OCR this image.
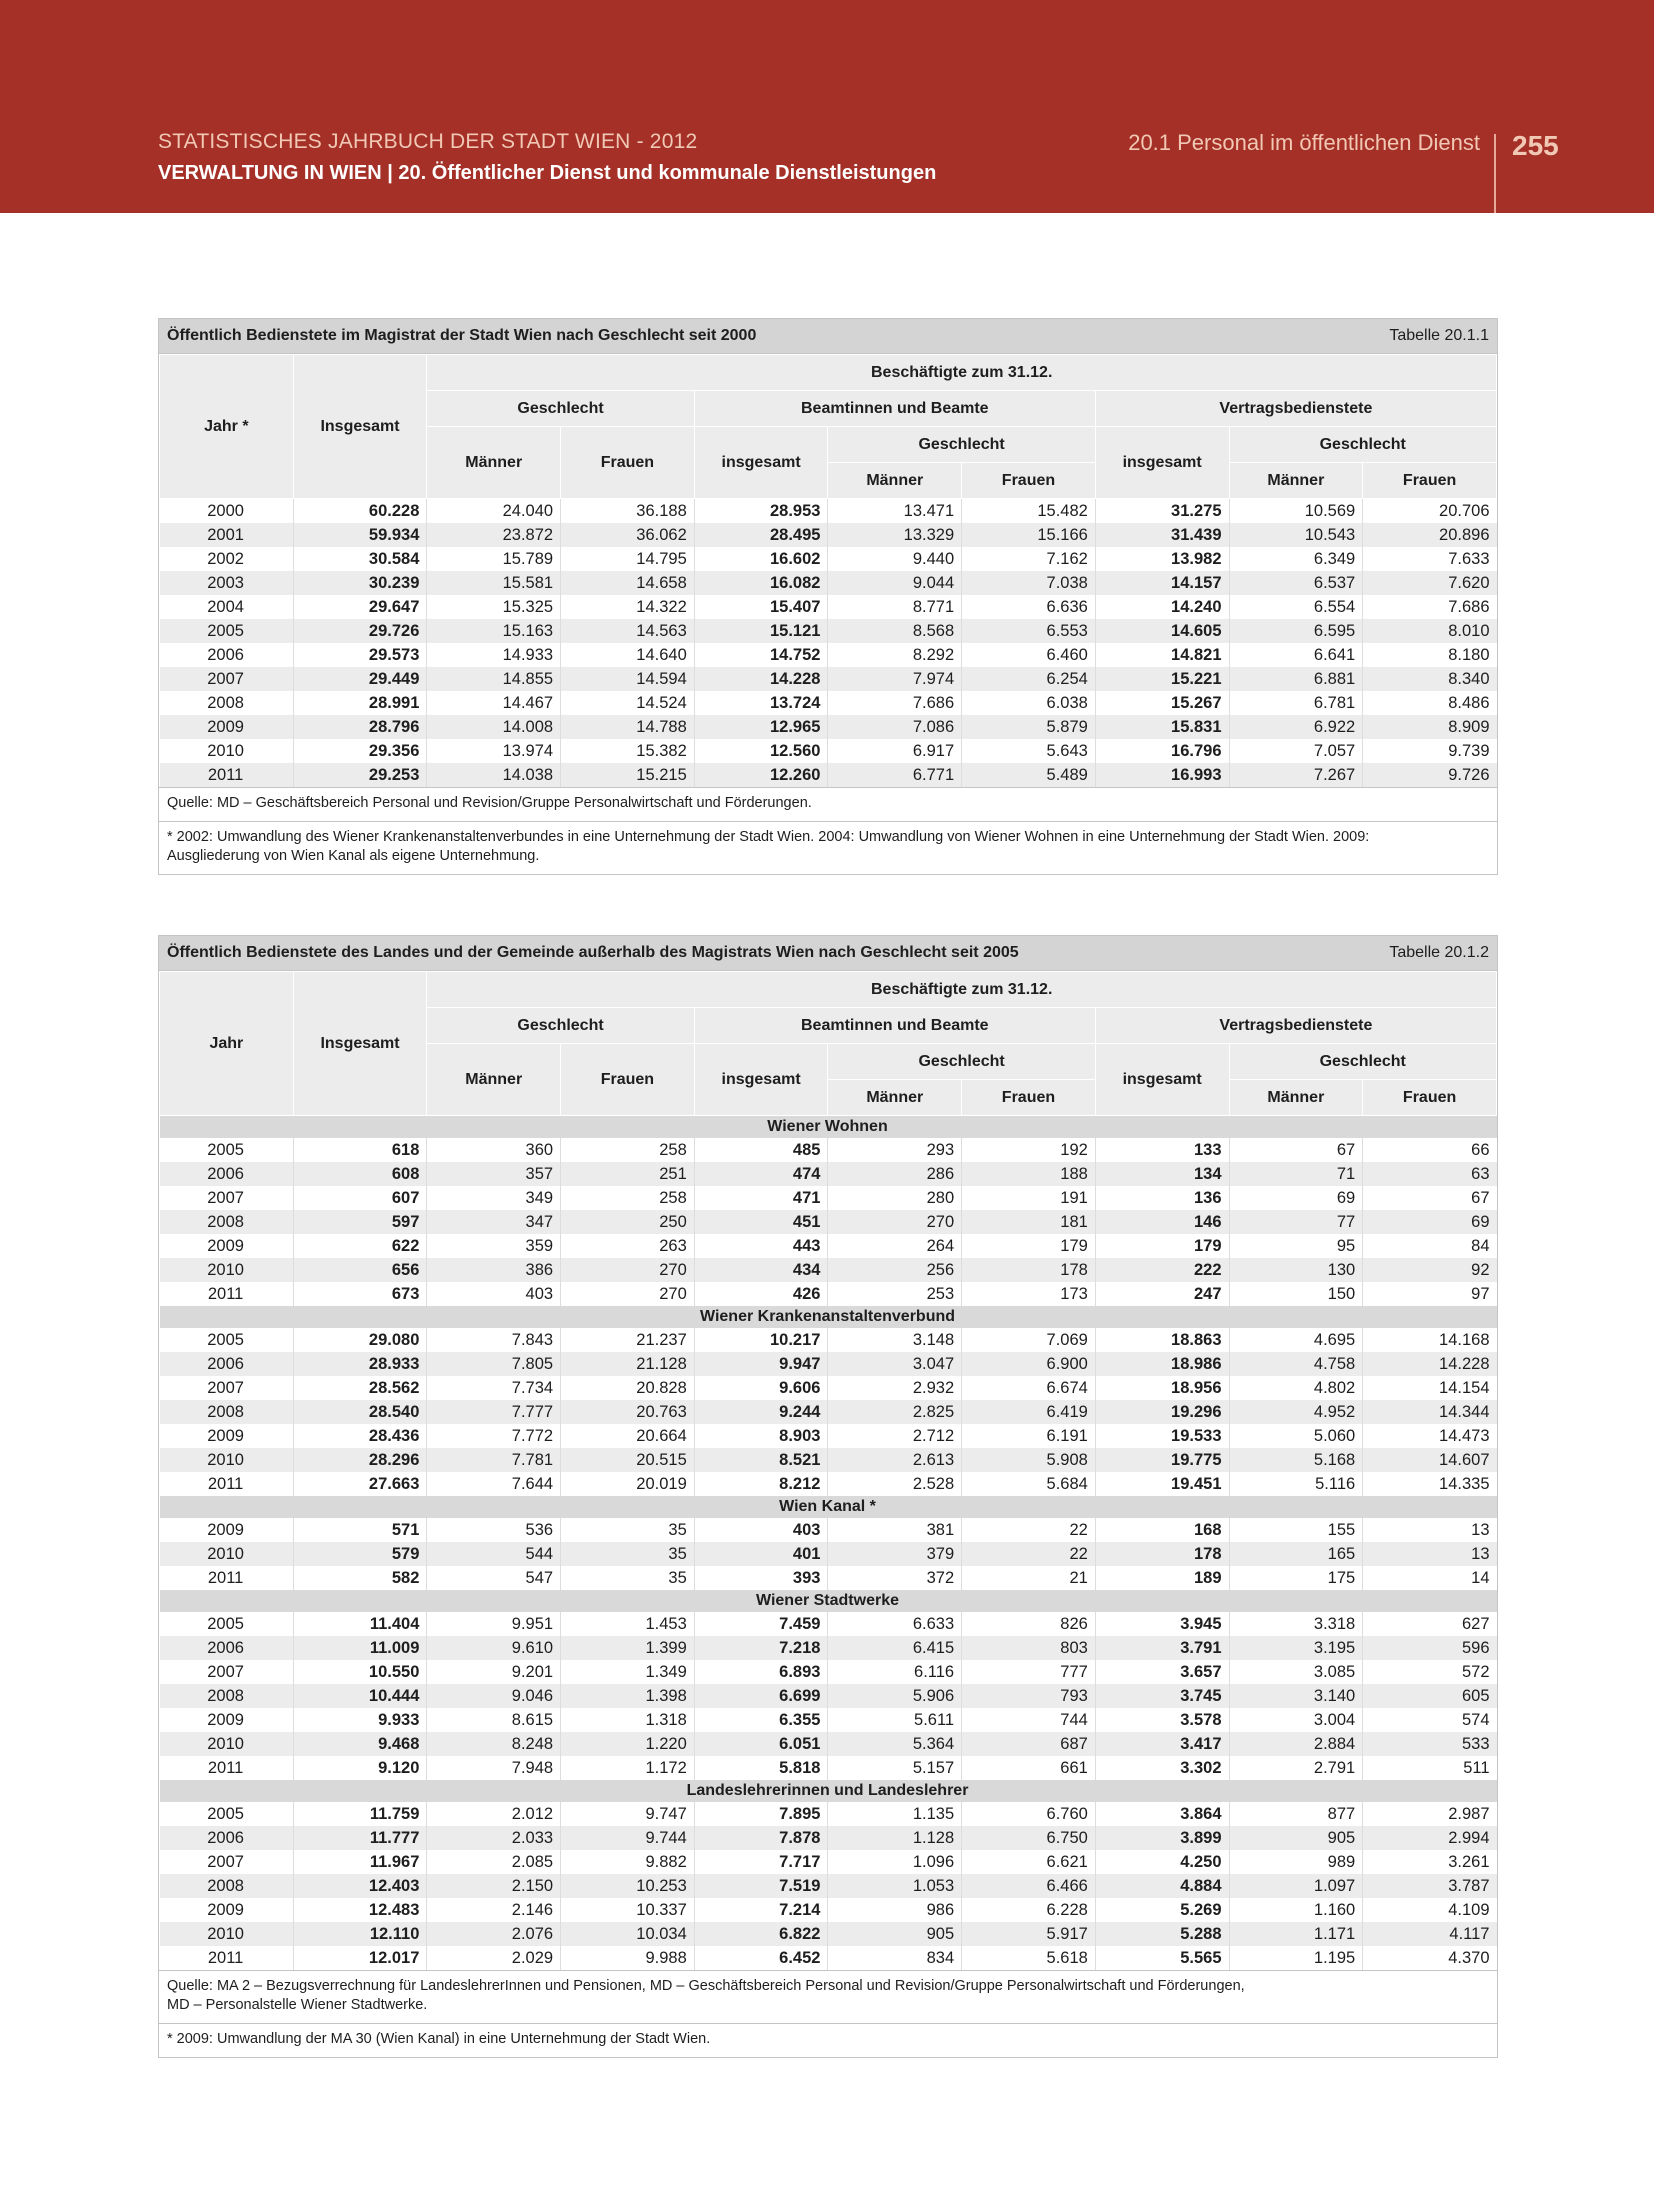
STATISTISCHES JAHRBUCH DER STADT WIEN - 2012
VERWALTUNG IN WIEN | 20. Öffentlicher Dienst und kommunale Dienstleistungen
20.1 Personal im öffentlichen Dienst 255
Öffentlich Bedienstete im Magistrat der Stadt Wien nach Geschlecht seit 2000	Tabelle 20.1.1
Jahr *	Insgesamt	Beschäftigte zum 31.12.							
		Geschlecht		Beamtinnen und Beamte			Vertragsbedienstete		
		Männer	Frauen	insgesamt	Geschlecht		insgesamt	Geschlecht	
					Männer	Frauen		Männer	Frauen
2000	60.228	24.040	36.188	28.953	13.471	15.482	31.275	10.569	20.706
2001	59.934	23.872	36.062	28.495	13.329	15.166	31.439	10.543	20.896
2002	30.584	15.789	14.795	16.602	9.440	7.162	13.982	6.349	7.633
2003	30.239	15.581	14.658	16.082	9.044	7.038	14.157	6.537	7.620
2004	29.647	15.325	14.322	15.407	8.771	6.636	14.240	6.554	7.686
2005	29.726	15.163	14.563	15.121	8.568	6.553	14.605	6.595	8.010
2006	29.573	14.933	14.640	14.752	8.292	6.460	14.821	6.641	8.180
2007	29.449	14.855	14.594	14.228	7.974	6.254	15.221	6.881	8.340
2008	28.991	14.467	14.524	13.724	7.686	6.038	15.267	6.781	8.486
2009	28.796	14.008	14.788	12.965	7.086	5.879	15.831	6.922	8.909
2010	29.356	13.974	15.382	12.560	6.917	5.643	16.796	7.057	9.739
2011	29.253	14.038	15.215	12.260	6.771	5.489	16.993	7.267	9.726
Quelle: MD – Geschäftsbereich Personal und Revision/Gruppe Personalwirtschaft und Förderungen.
* 2002: Umwandlung des Wiener Krankenanstaltenverbundes in eine Unternehmung der Stadt Wien. 2004: Umwandlung von Wiener Wohnen in eine Unternehmung der Stadt Wien. 2009:
Ausgliederung von Wien Kanal als eigene Unternehmung.
Öffentlich Bedienstete des Landes und der Gemeinde außerhalb des Magistrats Wien nach Geschlecht seit 2005	Tabelle 20.1.2
Jahr	Insgesamt	Beschäftigte zum 31.12.							
		Geschlecht		Beamtinnen und Beamte			Vertragsbedienstete		
		Männer	Frauen	insgesamt	Geschlecht		insgesamt	Geschlecht	
					Männer	Frauen		Männer	Frauen
Wiener Wohnen									
2005	618	360	258	485	293	192	133	67	66
2006	608	357	251	474	286	188	134	71	63
2007	607	349	258	471	280	191	136	69	67
2008	597	347	250	451	270	181	146	77	69
2009	622	359	263	443	264	179	179	95	84
2010	656	386	270	434	256	178	222	130	92
2011	673	403	270	426	253	173	247	150	97
Wiener Krankenanstaltenverbund									
2005	29.080	7.843	21.237	10.217	3.148	7.069	18.863	4.695	14.168
2006	28.933	7.805	21.128	9.947	3.047	6.900	18.986	4.758	14.228
2007	28.562	7.734	20.828	9.606	2.932	6.674	18.956	4.802	14.154
2008	28.540	7.777	20.763	9.244	2.825	6.419	19.296	4.952	14.344
2009	28.436	7.772	20.664	8.903	2.712	6.191	19.533	5.060	14.473
2010	28.296	7.781	20.515	8.521	2.613	5.908	19.775	5.168	14.607
2011	27.663	7.644	20.019	8.212	2.528	5.684	19.451	5.116	14.335
Wien Kanal *									
2009	571	536	35	403	381	22	168	155	13
2010	579	544	35	401	379	22	178	165	13
2011	582	547	35	393	372	21	189	175	14
Wiener Stadtwerke									
2005	11.404	9.951	1.453	7.459	6.633	826	3.945	3.318	627
2006	11.009	9.610	1.399	7.218	6.415	803	3.791	3.195	596
2007	10.550	9.201	1.349	6.893	6.116	777	3.657	3.085	572
2008	10.444	9.046	1.398	6.699	5.906	793	3.745	3.140	605
2009	9.933	8.615	1.318	6.355	5.611	744	3.578	3.004	574
2010	9.468	8.248	1.220	6.051	5.364	687	3.417	2.884	533
2011	9.120	7.948	1.172	5.818	5.157	661	3.302	2.791	511
Landeslehrerinnen und Landeslehrer									
2005	11.759	2.012	9.747	7.895	1.135	6.760	3.864	877	2.987
2006	11.777	2.033	9.744	7.878	1.128	6.750	3.899	905	2.994
2007	11.967	2.085	9.882	7.717	1.096	6.621	4.250	989	3.261
2008	12.403	2.150	10.253	7.519	1.053	6.466	4.884	1.097	3.787
2009	12.483	2.146	10.337	7.214	986	6.228	5.269	1.160	4.109
2010	12.110	2.076	10.034	6.822	905	5.917	5.288	1.171	4.117
2011	12.017	2.029	9.988	6.452	834	5.618	5.565	1.195	4.370
Quelle: MA 2 – Bezugsverrechnung für LandeslehrerInnen und Pensionen, MD – Geschäftsbereich Personal und Revision/Gruppe Personalwirtschaft und Förderungen,
MD – Personalstelle Wiener Stadtwerke.
* 2009: Umwandlung der MA 30 (Wien Kanal) in eine Unternehmung der Stadt Wien.
